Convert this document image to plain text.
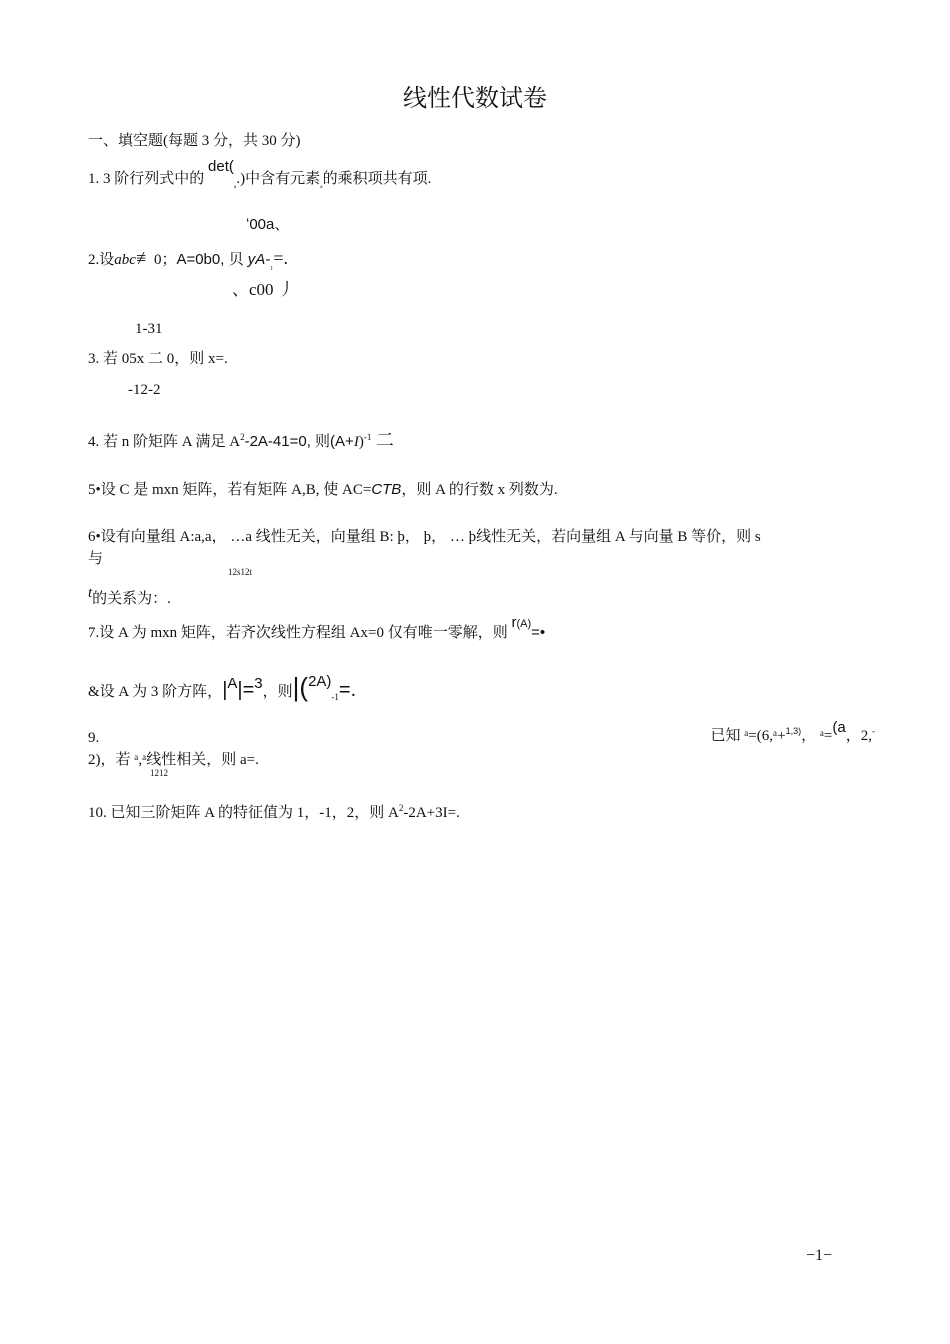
线性代数试卷
一、填空题(每题 3 分，共 30 分)
1. 3 阶行列式中的 $\det(_{_a}.)$中含有元素$_{_a}$的乘积项共有项.
ʻ00a、
2.设abc≢0；A=0b0, 贝 $yA-_{_1}=$.
、c00 丿
1-31
3. 若 05x 二 0，则 x=.
-12-2
4. 若 n 阶矩阵 A 满足 $A^2-2A-41=0$, 则$(A+I)^{-1}$ 二
5•设 C 是 mxn 矩阵，若有矩阵 A,B, 使 AC=CTB，则 A 的行数 x 列数为.
6•设有向量组 A:a,a， …a 线性无关，向量组 B: þ， þ， … þ线性无关，若向量组 A 与向量 B 等价，则 s
与
12s12t
t的关系为：.
7.设 A 为 mxn 矩阵，若齐次线性方程组 Ax=0 仅有唯一零解，则 $r^{(A)}=•$
&设 A 为 3 阶方阵，|A|=3，则$|(2A)_{-1}=$.
9.	已知 ᵃ=(6,ᵃ+$^{1,3)}$， ᵃ=(a，2,-
2)，若 ᵃ,ᵃ线性相关，则 a=.
1212
10. 已知三阶矩阵 A 的特征值为 1，-1，2，则 $A^2-2A+3I=$.
−1−
